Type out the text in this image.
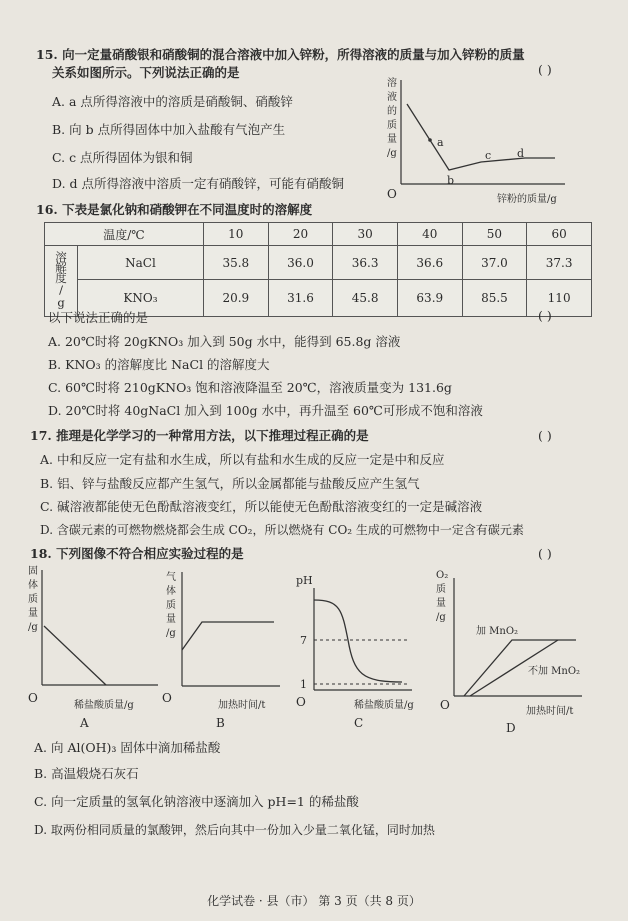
15. 向一定量硝酸银和硝酸铜的混合溶液中加入锌粉，所得溶液的质量与加入锌粉的质量
关系如图所示。下列说法正确的是	( )
A. a 点所得溶液中的溶质是硝酸铜、硝酸锌
B. 向 b 点所得固体中加入盐酸有气泡产生
C. c 点所得固体为银和铜
D. d 点所得溶液中溶质一定有硝酸锌，可能有硝酸铜
O
溶
液
的
质
量
/g
a
b
c d
锌粉的质量/g
16. 下表是氯化钠和硝酸钾在不同温度时的溶解度
温度/℃		10	20	30	40	50	60
溶解度/g	NaCl	35.8	36.0	36.3	36.6	37.0	37.3
	KNO₃	20.9	31.6	45.8	63.9	85.5	110
以下说法正确的是	( )
A. 20℃时将 20gKNO₃ 加入到 50g 水中，能得到 65.8g 溶液
B. KNO₃ 的溶解度比 NaCl 的溶解度大
C. 60℃时将 210gKNO₃ 饱和溶液降温至 20℃，溶液质量变为 131.6g
D. 20℃时将 40gNaCl 加入到 100g 水中，再升温至 60℃可形成不饱和溶液
17. 推理是化学学习的一种常用方法，以下推理过程正确的是	( )
A. 中和反应一定有盐和水生成，所以有盐和水生成的反应一定是中和反应
B. 铝、锌与盐酸反应都产生氢气，所以金属都能与盐酸反应产生氢气
C. 碱溶液都能使无色酚酞溶液变红，所以能使无色酚酞溶液变红的一定是碱溶液
D. 含碳元素的可燃物燃烧都会生成 CO₂，所以燃烧有 CO₂ 生成的可燃物中一定含有碳元素
18. 下列图像不符合相应实验过程的是	( )
固
体
质
量
/g
O
稀盐酸质量/g
A
气
体
质
量
/g
O
加热时间/t
B
pH
7
1
O	稀盐酸质量/g
C
O₂
质
量
/g
加 MnO₂
不加 MnO₂
O	加热时间/t
D
A. 向 Al(OH)₃ 固体中滴加稀盐酸
B. 高温煅烧石灰石
C. 向一定质量的氢氧化钠溶液中逐滴加入 pH=1 的稀盐酸
D. 取两份相同质量的氯酸钾，然后向其中一份加入少量二氧化锰，同时加热
化学试卷 · 县（市） 第 3 页（共 8 页）
